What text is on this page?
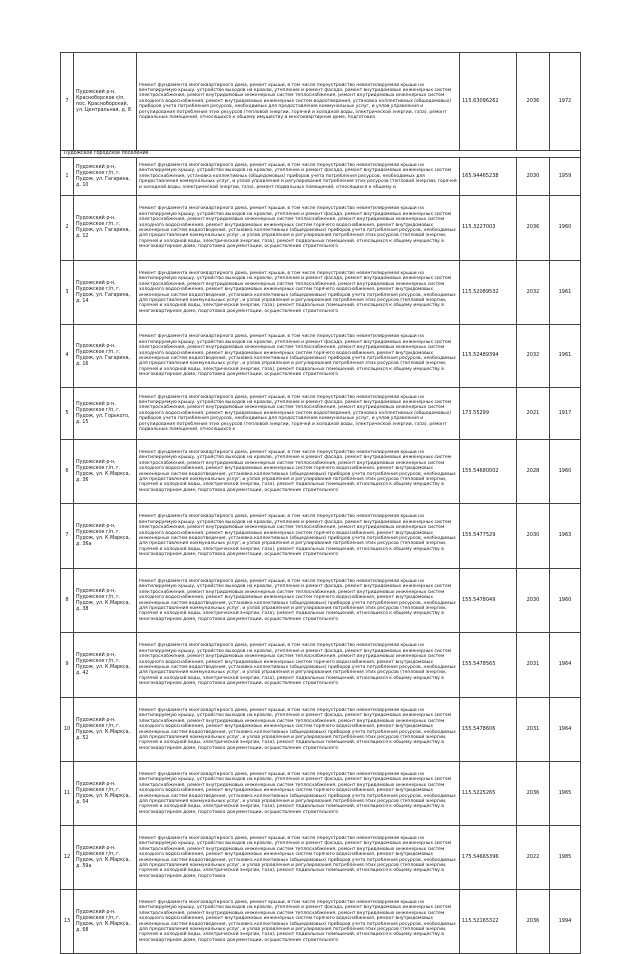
7	Пудожский р-н, Красноборское с/п, пос. Красноборский, ул. Центральная, д. 8	Ремонт фундамента многоквартирного дома, ремонт крыши, в том числе переустройство невентилируемой крыши на вентилируемую крышу, устройство выходов на кровлю, утепление и ремонт фасада, ремонт внутридомовых инженерных систем электроснабжения, ремонт внутридомовых инженерных систем теплоснабжения, ремонт внутридомовых инженерных систем холодного водоснабжения, ремонт внутридомовых инженерных систем водоотведения, установка коллективных (общедомовых) приборов учета потребления ресурсов, необходимых для предоставления коммунальных услуг, и узлов управления и регулирования потребления этих ресурсов (тепловой энергии, горячей и холодной воды, электрической энергии, газа), ремонт подвальных помещений, относящихся к общему имуществу в многоквартирном доме, подготовка	115.63096262	2036	1972
Пудожское городское поселение					
1	Пудожский р-н, Пудожское г/п, г. Пудож, ул. Гагарина, д. 10	Ремонт фундамента многоквартирного дома, ремонт крыши, в том числе переустройство невентилируемой крыши на вентилируемую крышу, устройство выходов на кровлю, утепление и ремонт фасада, ремонт внутридомовых инженерных систем электроснабжения, установка коллективных (общедомовых) приборов учета потребления ресурсов, необходимых для предоставления коммунальных услуг, и узлов управления и регулирования потребления этих ресурсов (тепловой энергии, горячей и холодной воды, электрической энергии, газа), ремонт подвальных помещений, относящихся к общему и	165.94465238	2030	1959
2	Пудожский р-н, Пудожское г/п, г. Пудож, ул. Гагарина, д. 12	Ремонт фундамента многоквартирного дома, ремонт крыши, в том числе переустройство невентилируемой крыши на вентилируемую крышу, устройство выходов на кровлю, утепление и ремонт фасада, ремонт внутридомовых инженерных систем электроснабжения, ремонт внутридомовых инженерных систем теплоснабжения, ремонт внутридомовых инженерных систем холодного водоснабжения, ремонт внутридомовых инженерных систем горячего водоснабжения, ремонт внутридомовых инженерных систем водоотведения, установка коллективных (общедомовых) приборов учета потребления ресурсов, необходимых для предоставления коммунальных услуг, и узлов управления и регулирования потребления этих ресурсов (тепловой энергии, горячей и холодной воды, электрической энергии, газа), ремонт подвальных помещений, относящихся к общему имуществу в многоквартирном доме, подготовка документации, осуществление строительного	115.3227003	2036	1960
3	Пудожский р-н, Пудожское г/п, г. Пудож, ул. Гагарина, д. 14	Ремонт фундамента многоквартирного дома, ремонт крыши, в том числе переустройство невентилируемой крыши на вентилируемую крышу, устройство выходов на кровлю, утепление и ремонт фасада, ремонт внутридомовых инженерных систем электроснабжения, ремонт внутридомовых инженерных систем теплоснабжения, ремонт внутридомовых инженерных систем холодного водоснабжения, ремонт внутридомовых инженерных систем горячего водоснабжения, ремонт внутридомовых инженерных систем водоотведения, установка коллективных (общедомовых) приборов учета потребления ресурсов, необходимых для предоставления коммунальных услуг, и узлов управления и регулирования потребления этих ресурсов (тепловой энергии, горячей и холодной воды, электрической энергии, газа), ремонт подвальных помещений, относящихся к общему имуществу в многоквартирном доме, подготовка документации, осуществление строительного	115.52089532	2032	1961
4	Пудожский р-н, Пудожское г/п, г. Пудож, ул. Гагарина, д. 16	Ремонт фундамента многоквартирного дома, ремонт крыши, в том числе переустройство невентилируемой крыши на вентилируемую крышу, устройство выходов на кровлю, утепление и ремонт фасада, ремонт внутридомовых инженерных систем электроснабжения, ремонт внутридомовых инженерных систем теплоснабжения, ремонт внутридомовых инженерных систем холодного водоснабжения, ремонт внутридомовых инженерных систем горячего водоснабжения, ремонт внутридомовых инженерных систем водоотведения, установка коллективных (общедомовых) приборов учета потребления ресурсов, необходимых для предоставления коммунальных услуг, и узлов управления и регулирования потребления этих ресурсов (тепловой энергии, горячей и холодной воды, электрической энергии, газа), ремонт подвальных помещений, относящихся к общему имуществу в многоквартирном доме, подготовка документации, осуществление строительного	115.52489394	2032	1961
5	Пудожский р-н, Пудожское г/п, г. Пудож, ул. Горького, д. 15	Ремонт фундамента многоквартирного дома, ремонт крыши, в том числе переустройство невентилируемой крыши на вентилируемую крышу, устройство выходов на кровлю, утепление и ремонт фасада, ремонт внутридомовых инженерных систем электроснабжения, ремонт внутридомовых инженерных систем теплоснабжения, ремонт внутридомовых инженерных систем холодного водоснабжения, ремонт внутридомовых инженерных систем водоотведения, установка коллективных (общедомовых) приборов учета потребления ресурсов, необходимых для предоставления коммунальных услуг, и узлов управления и регулирования потребления этих ресурсов (тепловой энергии, горячей и холодной воды, электрической энергии, газа), ремонт подвальных помещений, относящихся к	173.55299	2021	1917
6	Пудожский р-н, Пудожское г/п, г. Пудож, ул. К.Маркса, д. 36	Ремонт фундамента многоквартирного дома, ремонт крыши, в том числе переустройство невентилируемой крыши на вентилируемую крышу, устройство выходов на кровлю, утепление и ремонт фасада, ремонт внутридомовых инженерных систем электроснабжения, ремонт внутридомовых инженерных систем теплоснабжения, ремонт внутридомовых инженерных систем холодного водоснабжения, ремонт внутридомовых инженерных систем горячего водоснабжения, ремонт внутридомовых инженерных систем водоотведения, установка коллективных (общедомовых) приборов учета потребления ресурсов, необходимых для предоставления коммунальных услуг, и узлов управления и регулирования потребления этих ресурсов (тепловой энергии, горячей и холодной воды, электрической энергии, газа), ремонт подвальных помещений, относящихся к общему имуществу в многоквартирном доме, подготовка документации, осуществление строительного	155.54680002	2028	1960
7	Пудожский р-н, Пудожское г/п, г. Пудож, ул. К.Маркса, д. 36а	Ремонт фундамента многоквартирного дома, ремонт крыши, в том числе переустройство невентилируемой крыши на вентилируемую крышу, устройство выходов на кровлю, утепление и ремонт фасада, ремонт внутридомовых инженерных систем электроснабжения, ремонт внутридомовых инженерных систем теплоснабжения, ремонт внутридомовых инженерных систем холодного водоснабжения, ремонт внутридомовых инженерных систем горячего водоснабжения, ремонт внутридомовых инженерных систем водоотведения, установка коллективных (общедомовых) приборов учета потребления ресурсов, необходимых для предоставления коммунальных услуг, и узлов управления и регулирования потребления этих ресурсов (тепловой энергии, горячей и холодной воды, электрической энергии, газа), ремонт подвальных помещений, относящихся к общему имуществу в многоквартирном доме, подготовка документации, осуществление строительного	155.5477529	2030	1963
8	Пудожский р-н, Пудожское г/п, г. Пудож, ул. К.Маркса, д. 38	Ремонт фундамента многоквартирного дома, ремонт крыши, в том числе переустройство невентилируемой крыши на вентилируемую крышу, устройство выходов на кровлю, утепление и ремонт фасада, ремонт внутридомовых инженерных систем электроснабжения, ремонт внутридомовых инженерных систем теплоснабжения, ремонт внутридомовых инженерных систем холодного водоснабжения, ремонт внутридомовых инженерных систем горячего водоснабжения, ремонт внутридомовых инженерных систем водоотведения, установка коллективных (общедомовых) приборов учета потребления ресурсов, необходимых для предоставления коммунальных услуг, и узлов управления и регулирования потребления этих ресурсов (тепловой энергии, горячей и холодной воды, электрической энергии, газа), ремонт подвальных помещений, относящихся к общему имуществу в многоквартирном доме, подготовка документации, осуществление строительного	155.5478049	2030	1960
9	Пудожский р-н, Пудожское г/п, г. Пудож, ул. К.Маркса, д. 42	Ремонт фундамента многоквартирного дома, ремонт крыши, в том числе переустройство невентилируемой крыши на вентилируемую крышу, устройство выходов на кровлю, утепление и ремонт фасада, ремонт внутридомовых инженерных систем электроснабжения, ремонт внутридомовых инженерных систем теплоснабжения, ремонт внутридомовых инженерных систем холодного водоснабжения, ремонт внутридомовых инженерных систем горячего водоснабжения, ремонт внутридомовых инженерных систем водоотведения, установка коллективных (общедомовых) приборов учета потребления ресурсов, необходимых для предоставления коммунальных услуг, и узлов управления и регулирования потребления этих ресурсов (тепловой энергии, горячей и холодной воды, электрической энергии, газа), ремонт подвальных помещений, относящихся к общему имуществу в многоквартирном доме, подготовка документации, осуществление строительного	155.5478565	2031	1964
10	Пудожский р-н, Пудожское г/п, г. Пудож, ул. К.Маркса, д. 52	Ремонт фундамента многоквартирного дома, ремонт крыши, в том числе переустройство невентилируемой крыши на вентилируемую крышу, устройство выходов на кровлю, утепление и ремонт фасада, ремонт внутридомовых инженерных систем электроснабжения, ремонт внутридомовых инженерных систем теплоснабжения, ремонт внутридомовых инженерных систем холодного водоснабжения, ремонт внутридомовых инженерных систем горячего водоснабжения, ремонт внутридомовых инженерных систем водоотведения, установка коллективных (общедомовых) приборов учета потребления ресурсов, необходимых для предоставления коммунальных услуг, и узлов управления и регулирования потребления этих ресурсов (тепловой энергии, горячей и холодной воды, электрической энергии, газа), ремонт подвальных помещений, относящихся к общему имуществу в многоквартирном доме, подготовка документации, осуществление строительного	155.5478606	2031	1964
11	Пудожский р-н, Пудожское г/п, г. Пудож, ул. К.Маркса, д. 54	Ремонт фундамента многоквартирного дома, ремонт крыши, в том числе переустройство невентилируемой крыши на вентилируемую крышу, устройство выходов на кровлю, утепление и ремонт фасада, ремонт внутридомовых инженерных систем электроснабжения, ремонт внутридомовых инженерных систем теплоснабжения, ремонт внутридомовых инженерных систем холодного водоснабжения, ремонт внутридомовых инженерных систем горячего водоснабжения, ремонт внутридомовых инженерных систем водоотведения, установка коллективных (общедомовых) приборов учета потребления ресурсов, необходимых для предоставления коммунальных услуг, и узлов управления и регулирования потребления этих ресурсов (тепловой энергии, горячей и холодной воды, электрической энергии, газа), ремонт подвальных помещений, относящихся к общему имуществу в многоквартирном доме, подготовка документации, осуществление строительного	115.5225265	2036	1965
12	Пудожский р-н, Пудожское г/п, г. Пудож, ул. К.Маркса, д. 59а	Ремонт фундамента многоквартирного дома, ремонт крыши, в том числе переустройство невентилируемой крыши на вентилируемую крышу, устройство выходов на кровлю, утепление и ремонт фасада, ремонт внутридомовых инженерных систем электроснабжения, ремонт внутридомовых инженерных систем теплоснабжения, ремонт внутридомовых инженерных систем холодного водоснабжения, ремонт внутридомовых инженерных систем горячего водоснабжения, ремонт внутридомовых инженерных систем водоотведения, установка коллективных (общедомовых) приборов учета потребления ресурсов, необходимых для предоставления коммунальных услуг, и узлов управления и регулирования потребления этих ресурсов (тепловой энергии, горячей и холодной воды, электрической энергии, газа), ремонт подвальных помещений, относящихся к общему имуществу в многоквартирном доме, подготовка	175.54665396	2022	1985
13	Пудожский р-н, Пудожское г/п, г. Пудож, ул. К.Маркса, д. 68	Ремонт фундамента многоквартирного дома, ремонт крыши, в том числе переустройство невентилируемой крыши на вентилируемую крышу, устройство выходов на кровлю, утепление и ремонт фасада, ремонт внутридомовых инженерных систем электроснабжения, ремонт внутридомовых инженерных систем теплоснабжения, ремонт внутридомовых инженерных систем холодного водоснабжения, ремонт внутридомовых инженерных систем горячего водоснабжения, ремонт внутридомовых инженерных систем водоотведения, установка коллективных (общедомовых) приборов учета потребления ресурсов, необходимых для предоставления коммунальных услуг, и узлов управления и регулирования потребления этих ресурсов (тепловой энергии, горячей и холодной воды, электрической энергии, газа), ремонт подвальных помещений, относящихся к общему имуществу в многоквартирном доме, подготовка документации, осуществление строительного	115.52165322	2036	1994
